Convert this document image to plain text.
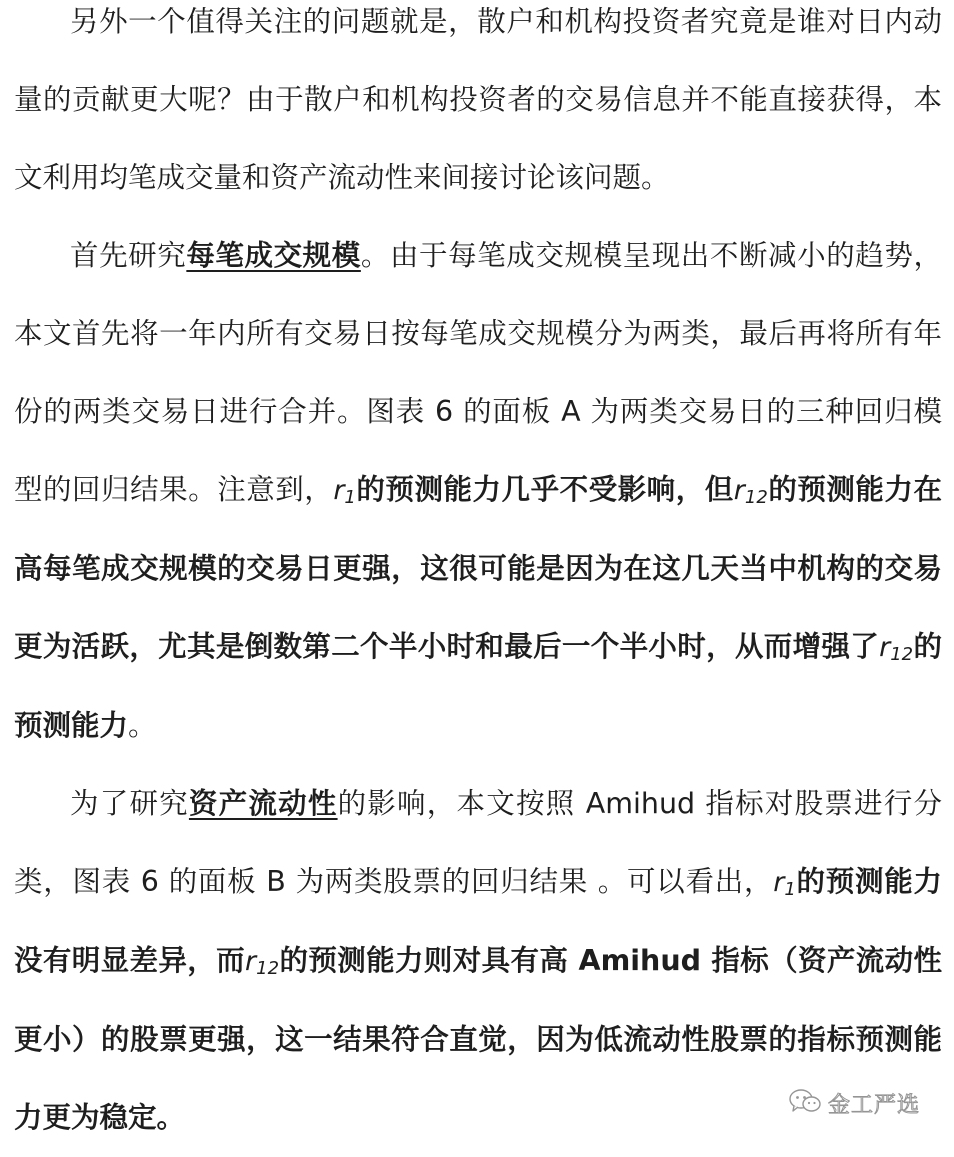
另外一个值得关注的问题就是，散户和机构投资者究竟是谁对日内动量的贡献更大呢？由于散户和机构投资者的交易信息并不能直接获得，本文利用均笔成交量和资产流动性来间接讨论该问题。

首先研究每笔成交规模。由于每笔成交规模呈现出不断减小的趋势，本文首先将一年内所有交易日按每笔成交规模分为两类，最后再将所有年份的两类交易日进行合并。图表 6 的面板 A 为两类交易日的三种回归模型的回归结果。注意到，$r_1$的预测能力几乎不受影响，但$r_{12}$的预测能力在高每笔成交规模的交易日更强，这很可能是因为在这几天当中机构的交易更为活跃，尤其是倒数第二个半小时和最后一个半小时，从而增强了$r_{12}$的预测能力。

为了研究资产流动性的影响，本文按照 Amihud 指标对股票进行分类，图表 6 的面板 B 为两类股票的回归结果 。可以看出，$r_1$的预测能力没有明显差异，而$r_{12}$的预测能力则对具有高 Amihud 指标（资产流动性更小）的股票更强，这一结果符合直觉，因为低流动性股票的指标预测能力更为稳定。	金工严选
